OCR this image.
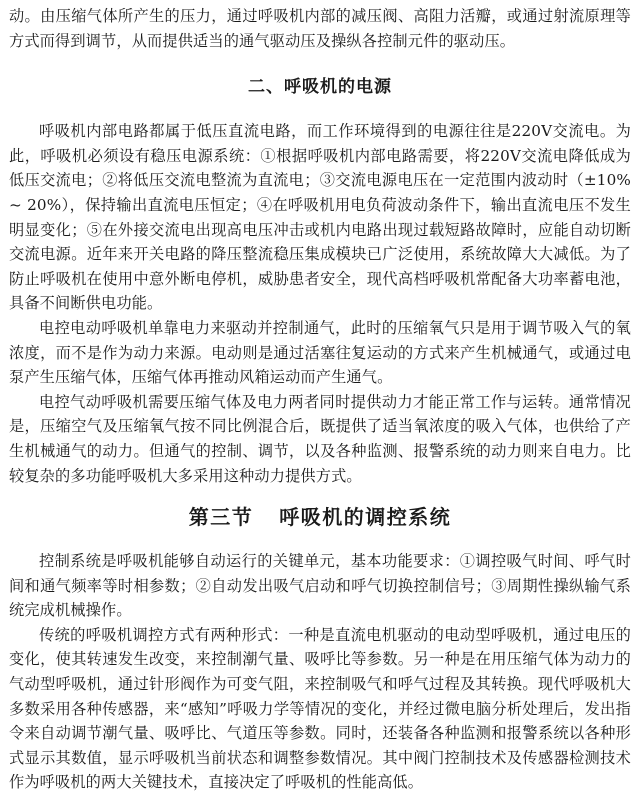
动。由压缩气体所产生的压力，通过呼吸机内部的减压阀、高阻力活瓣，或通过射流原理等方式而得到调节，从而提供适当的通气驱动压及操纵各控制元件的驱动压。

二、呼吸机的电源

呼吸机内部电路都属于低压直流电路，而工作环境得到的电源往往是220V交流电。为此，呼吸机必须设有稳压电源系统：①根据呼吸机内部电路需要，将220V交流电降低成为低压交流电；②将低压交流电整流为直流电；③交流电源电压在一定范围内波动时（±10% ~ 20%），保持输出直流电压恒定；④在呼吸机用电负荷波动条件下，输出直流电压不发生明显变化；⑤在外接交流电出现高电压冲击或机内电路出现过载短路故障时，应能自动切断交流电源。近年来开关电路的降压整流稳压集成模块已广泛使用，系统故障大大减低。为了防止呼吸机在使用中意外断电停机，威胁患者安全，现代高档呼吸机常配备大功率蓄电池，具备不间断供电功能。

电控电动呼吸机单靠电力来驱动并控制通气，此时的压缩氧气只是用于调节吸入气的氧浓度，而不是作为动力来源。电动则是通过活塞往复运动的方式来产生机械通气，或通过电泵产生压缩气体，压缩气体再推动风箱运动而产生通气。

电控气动呼吸机需要压缩气体及电力两者同时提供动力才能正常工作与运转。通常情况是，压缩空气及压缩氧气按不同比例混合后，既提供了适当氧浓度的吸入气体，也供给了产生机械通气的动力。但通气的控制、调节，以及各种监测、报警系统的动力则来自电力。比较复杂的多功能呼吸机大多采用这种动力提供方式。

第三节 呼吸机的调控系统

控制系统是呼吸机能够自动运行的关键单元，基本功能要求：①调控吸气时间、呼气时间和通气频率等时相参数；②自动发出吸气启动和呼气切换控制信号；③周期性操纵输气系统完成机械操作。

传统的呼吸机调控方式有两种形式：一种是直流电机驱动的电动型呼吸机，通过电压的变化，使其转速发生改变，来控制潮气量、吸呼比等参数。另一种是在用压缩气体为动力的气动型呼吸机，通过针形阀作为可变气阻，来控制吸气和呼气过程及其转换。现代呼吸机大多数采用各种传感器，来“感知”呼吸力学等情况的变化，并经过微电脑分析处理后，发出指令来自动调节潮气量、吸呼比、气道压等参数。同时，还装备各种监测和报警系统以各种形式显示其数值，显示呼吸机当前状态和调整参数情况。其中阀门控制技术及传感器检测技术作为呼吸机的两大关键技术，直接决定了呼吸机的性能高低。
